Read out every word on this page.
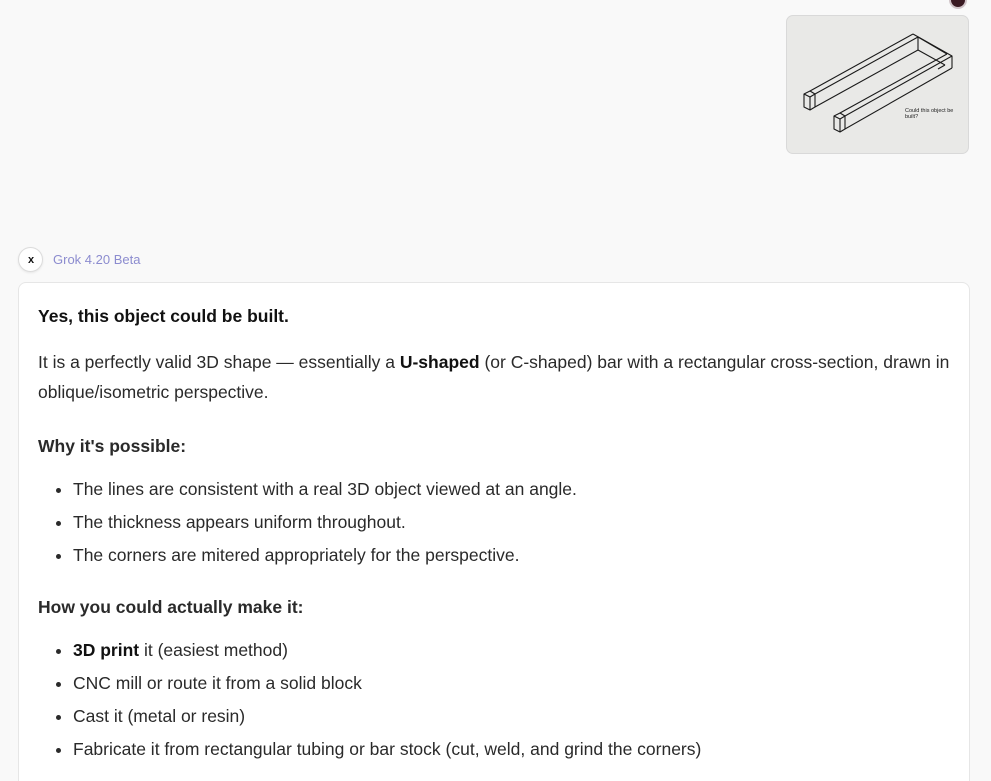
Could this object be built?
x	Grok 4.20 Beta

Yes, this object could be built.

It is a perfectly valid 3D shape — essentially a U-shaped (or C-shaped) bar with a rectangular cross-section, drawn in oblique/isometric perspective.

Why it's possible:

• The lines are consistent with a real 3D object viewed at an angle.
• The thickness appears uniform throughout.
• The corners are mitered appropriately for the perspective.

How you could actually make it:

• 3D print it (easiest method)
• CNC mill or route it from a solid block
• Cast it (metal or resin)
• Fabricate it from rectangular tubing or bar stock (cut, weld, and grind the corners)
